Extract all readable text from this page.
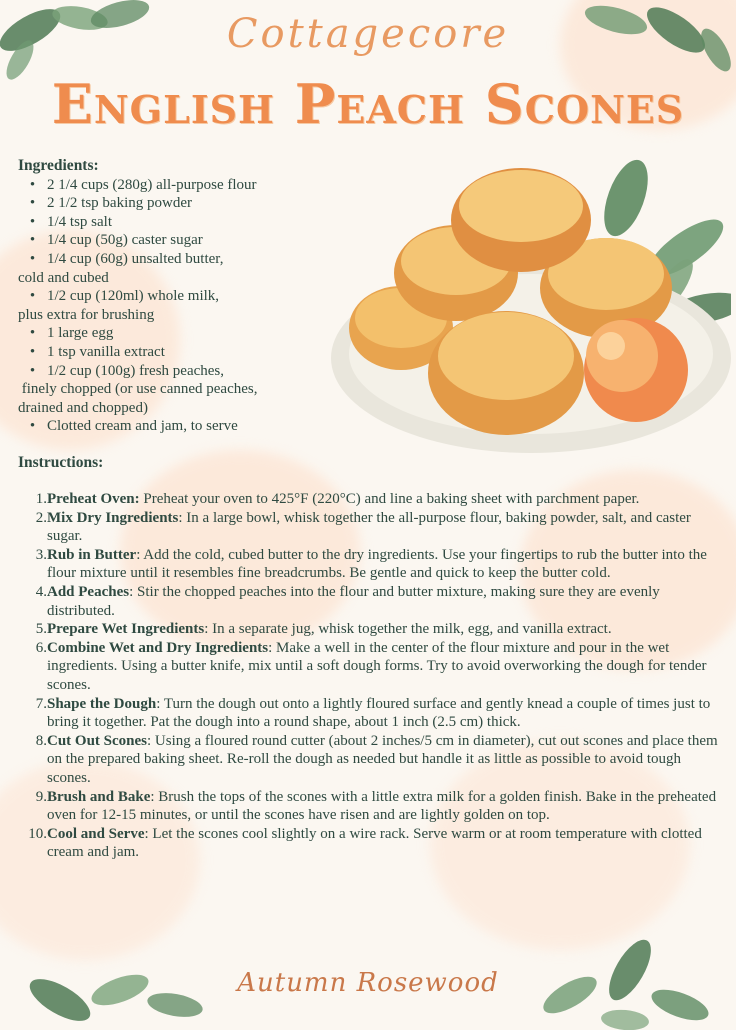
Cottagecore
English Peach Scones
Ingredients:
• 2 1/4 cups (280g) all-purpose flour
• 2 1/2 tsp baking powder
• 1/4 tsp salt
• 1/4 cup (50g) caster sugar
• 1/4 cup (60g) unsalted butter,
cold and cubed
• 1/2 cup (120ml) whole milk,
plus extra for brushing
• 1 large egg
• 1 tsp vanilla extract
• 1/2 cup (100g) fresh peaches,
finely chopped (or use canned peaches,
drained and chopped)
• Clotted cream and jam, to serve
Instructions:
1. Preheat Oven: Preheat your oven to 425°F (220°C) and line a baking sheet with parchment paper.
2. Mix Dry Ingredients: In a large bowl, whisk together the all-purpose flour, baking powder, salt, and caster sugar.
3. Rub in Butter: Add the cold, cubed butter to the dry ingredients. Use your fingertips to rub the butter into the flour mixture until it resembles fine breadcrumbs. Be gentle and quick to keep the butter cold.
4. Add Peaches: Stir the chopped peaches into the flour and butter mixture, making sure they are evenly distributed.
5. Prepare Wet Ingredients: In a separate jug, whisk together the milk, egg, and vanilla extract.
6. Combine Wet and Dry Ingredients: Make a well in the center of the flour mixture and pour in the wet ingredients. Using a butter knife, mix until a soft dough forms. Try to avoid overworking the dough for tender scones.
7. Shape the Dough: Turn the dough out onto a lightly floured surface and gently knead a couple of times just to bring it together. Pat the dough into a round shape, about 1 inch (2.5 cm) thick.
8. Cut Out Scones: Using a floured round cutter (about 2 inches/5 cm in diameter), cut out scones and place them on the prepared baking sheet. Re-roll the dough as needed but handle it as little as possible to avoid tough scones.
9. Brush and Bake: Brush the tops of the scones with a little extra milk for a golden finish. Bake in the preheated oven for 12-15 minutes, or until the scones have risen and are lightly golden on top.
10. Cool and Serve: Let the scones cool slightly on a wire rack. Serve warm or at room temperature with clotted cream and jam.
Autumn Rosewood
